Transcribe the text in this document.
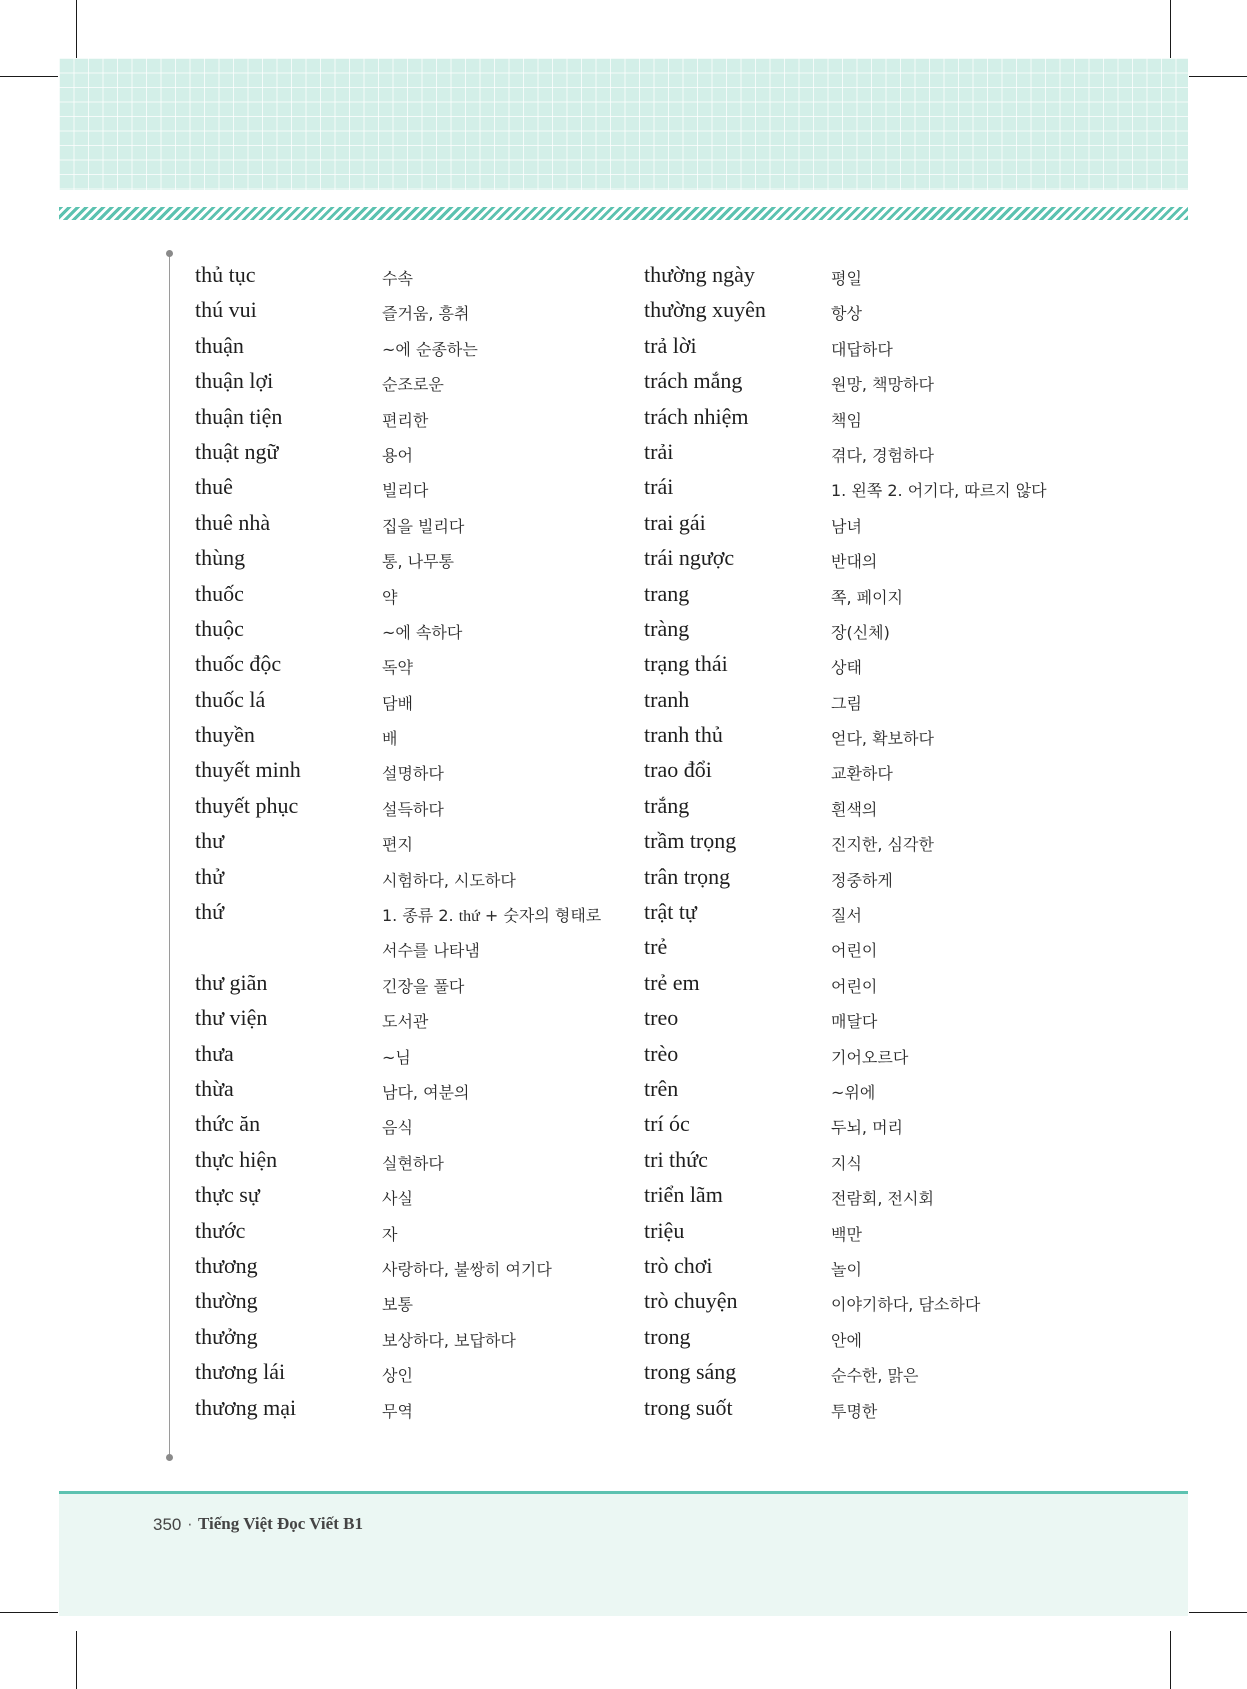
thủ tục	수속
thú vui	즐거움, 흥취
thuận	~에 순종하는
thuận lợi	순조로운
thuận tiện	편리한
thuật ngữ	용어
thuê	빌리다
thuê nhà	집을 빌리다
thùng	통, 나무통
thuốc	약
thuộc	~에 속하다
thuốc độc	독약
thuốc lá	담배
thuyền	배
thuyết minh	설명하다
thuyết phục	설득하다
thư	편지
thử	시험하다, 시도하다
thứ	1. 종류 2. thứ + 숫자의 형태로
서수를 나타냄
thư giãn	긴장을 풀다
thư viện	도서관
thưa	~님
thừa	남다, 여분의
thức ăn	음식
thực hiện	실현하다
thực sự	사실
thước	자
thương	사랑하다, 불쌍히 여기다
thường	보통
thưởng	보상하다, 보답하다
thương lái	상인
thương mại	무역
thường ngày	평일
thường xuyên	항상
trả lời	대답하다
trách mắng	원망, 책망하다
trách nhiệm	책임
trải	겪다, 경험하다
trái	1. 왼쪽 2. 어기다, 따르지 않다
trai gái	남녀
trái ngược	반대의
trang	쪽, 페이지
tràng	장(신체)
trạng thái	상태
tranh	그림
tranh thủ	얻다, 확보하다
trao đổi	교환하다
trắng	흰색의
trầm trọng	진지한, 심각한
trân trọng	정중하게
trật tự	질서
trẻ	어린이
trẻ em	어린이
treo	매달다
trèo	기어오르다
trên	~위에
trí óc	두뇌, 머리
tri thức	지식
triển lãm	전람회, 전시회
triệu	백만
trò chơi	놀이
trò chuyện	이야기하다, 담소하다
trong	안에
trong sáng	순수한, 맑은
trong suốt	투명한
350 · Tiếng Việt Đọc Viết B1
